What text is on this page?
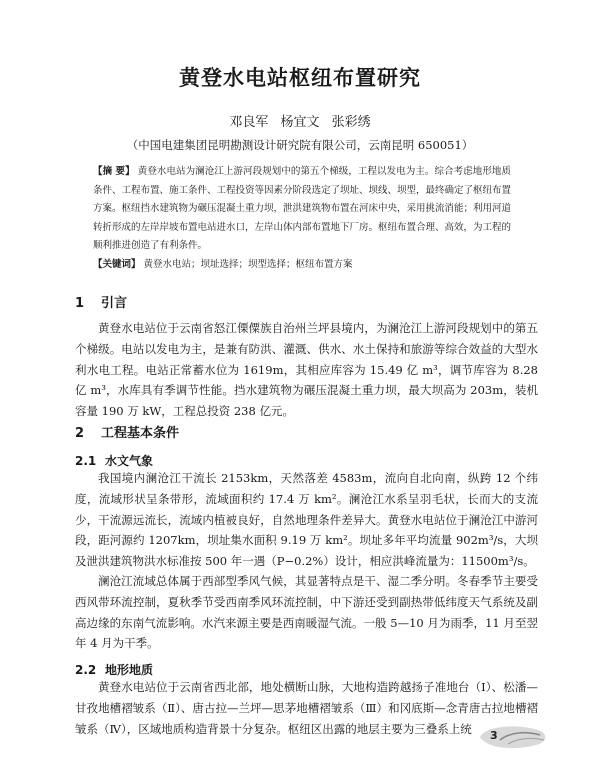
黄登水电站枢纽布置研究
邓良军 杨宜文 张彩绣
（中国电建集团昆明勘测设计研究院有限公司，云南昆明 650051）
【摘 要】 黄登水电站为澜沧江上游河段规划中的第五个梯级，工程以发电为主。综合考虑地形地质条件、工程布置、施工条件、工程投资等因素分阶段选定了坝址、坝线、坝型，最终确定了枢纽布置方案。枢纽挡水建筑物为碾压混凝土重力坝，泄洪建筑物布置在河床中央，采用挑流消能；利用河道转折形成的左岸岸坡布置电站进水口，左岸山体内部布置地下厂房。枢纽布置合理、高效，为工程的顺利推进创造了有利条件。
【关键词】 黄登水电站；坝址选择；坝型选择；枢纽布置方案
1 引言

黄登水电站位于云南省怒江傈僳族自治州兰坪县境内，为澜沧江上游河段规划中的第五个梯级。电站以发电为主，是兼有防洪、灌溉、供水、水土保持和旅游等综合效益的大型水利水电工程。电站正常蓄水位为 1619m，其相应库容为 15.49 亿 m³，调节库容为 8.28 亿 m³，水库具有季调节性能。挡水建筑物为碾压混凝土重力坝，最大坝高为 203m，装机容量 190 万 kW，工程总投资 238 亿元。

2 工程基本条件
2.1 水文气象

我国境内澜沧江干流长 2153km，天然落差 4583m，流向自北向南，纵跨 12 个纬度，流域形状呈条带形，流域面积约 17.4 万 km²。澜沧江水系呈羽毛状，长而大的支流少，干流源远流长，流域内植被良好，自然地理条件差异大。黄登水电站位于澜沧江中游河段，距河源约 1207km，坝址集水面积 9.19 万 km²。坝址多年平均流量 902m³/s，大坝及泄洪建筑物洪水标准按 500 年一遇（P−0.2%）设计，相应洪峰流量为：11500m³/s。

澜沧江流域总体属于西部型季风气候，其显著特点是干、湿二季分明。冬春季节主要受西风带环流控制，夏秋季节受西南季风环流控制，中下游还受到副热带低纬度天气系统及副高边缘的东南气流影响。水汽来源主要是西南暖湿气流。一般 5—10 月为雨季，11 月至翌年 4 月为干季。

2.2 地形地质

黄登水电站位于云南省西北部，地处横断山脉，大地构造跨越扬子准地台（Ⅰ）、松潘—甘孜地槽褶皱系（Ⅱ）、唐古拉—兰坪—思茅地槽褶皱系（Ⅲ）和冈底斯—念青唐古拉地槽褶皱系（Ⅳ），区域地质构造背景十分复杂。枢纽区出露的地层主要为三叠系上统	3
